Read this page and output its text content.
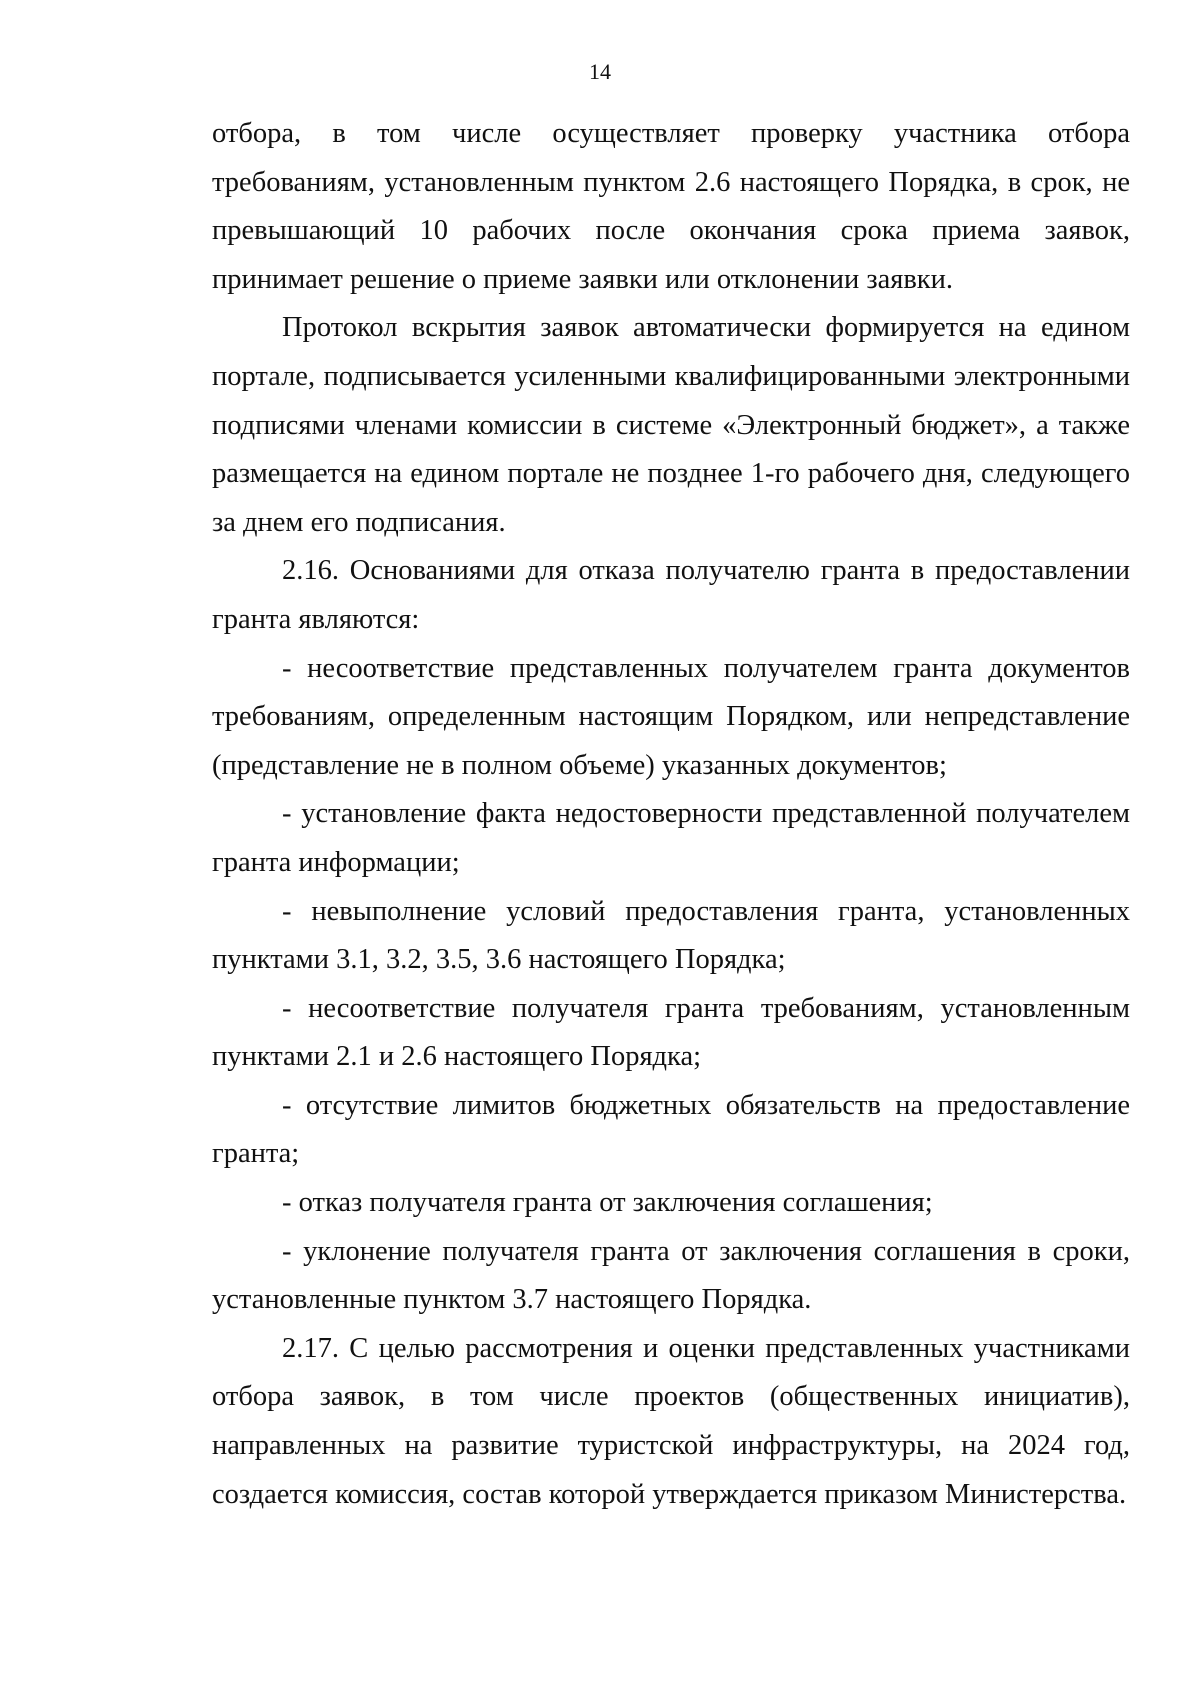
14

отбора, в том числе осуществляет проверку участника отбора требованиям, установленным пунктом 2.6 настоящего Порядка, в срок, не превышающий 10 рабочих после окончания срока приема заявок, принимает решение о приеме заявки или отклонении заявки.

Протокол вскрытия заявок автоматически формируется на едином портале, подписывается усиленными квалифицированными электронными подписями членами комиссии в системе «Электронный бюджет», а также размещается на едином портале не позднее 1-го рабочего дня, следующего за днем его подписания.

2.16. Основаниями для отказа получателю гранта в предоставлении гранта являются:

- несоответствие представленных получателем гранта документов требованиям, определенным настоящим Порядком, или непредставление (представление не в полном объеме) указанных документов;

- установление факта недостоверности представленной получателем гранта информации;

- невыполнение условий предоставления гранта, установленных пунктами 3.1, 3.2, 3.5, 3.6 настоящего Порядка;

- несоответствие получателя гранта требованиям, установленным пунктами 2.1 и 2.6 настоящего Порядка;

- отсутствие лимитов бюджетных обязательств на предоставление гранта;

- отказ получателя гранта от заключения соглашения;

- уклонение получателя гранта от заключения соглашения в сроки, установленные пунктом 3.7 настоящего Порядка.

2.17. С целью рассмотрения и оценки представленных участниками отбора заявок, в том числе проектов (общественных инициатив), направленных на развитие туристской инфраструктуры, на 2024 год, создается комиссия, состав которой утверждается приказом Министерства.
